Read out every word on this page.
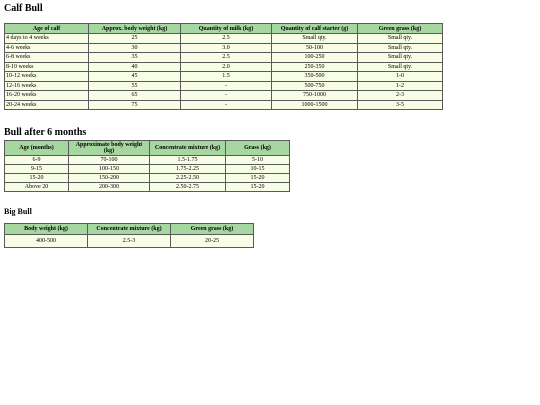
Calf Bull
Age of calf	Approx. body weight (kg)	Quantity of milk (kg)	Quantity of calf starter (g)	Green grass (kg)
4 days to 4 weeks	25	2.5	Small qty.	Small qty.
4-6 weeks	30	3.0	50-100	Small qty.
6-8 weeks	35	2.5	100-250	Small qty.
8-10 weeks	40	2.0	250-350	Small qty.
10-12 weeks	45	1.5	350-500	1-0
12-16 weeks	55	-	500-750	1-2
16-20 weeks	65	-	750-1000	2-3
20-24 weeks	75	-	1000-1500	3-5
Bull after 6 months
Age (months)	Approximate body weight (kg)	Concentrate mixture (kg)	Grass (kg)
6-9	70-100	1.5-1.75	5-10
9-15	100-150	1.75-2.25	10-15
15-20	150-200	2.25-2.50	15-20
Above 20	200-300	2.50-2.75	15-20
Big Bull
Body weight (kg)	Concentrate mixture (kg)	Green grass (kg)
400-500	2.5-3	20-25
